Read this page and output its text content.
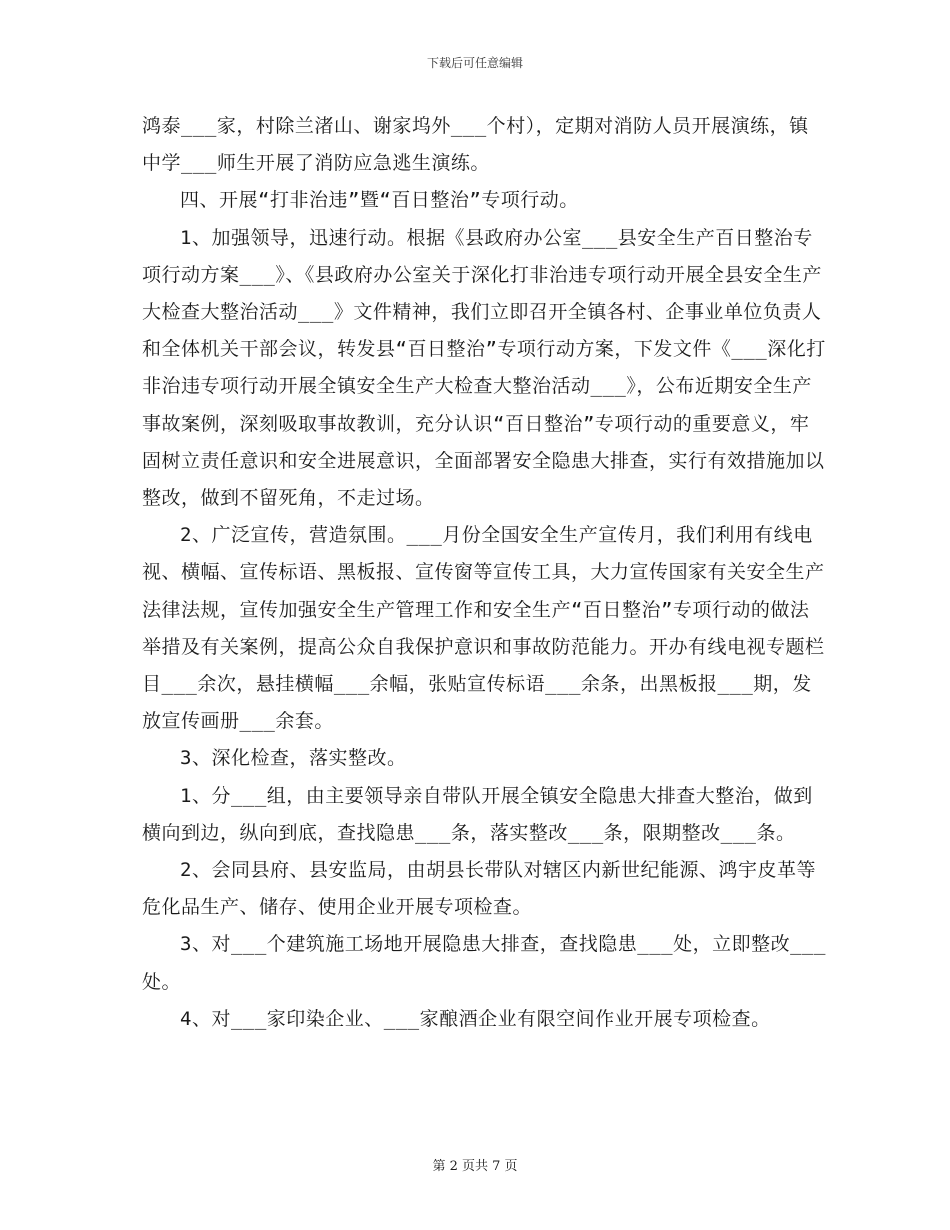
下载后可任意编辑

鸿泰___家，村除兰渚山、谢家坞外___个村），定期对消防人员开展演练，镇中学___师生开展了消防应急逃生演练。

四、开展“打非治违”暨“百日整治”专项行动。

1、加强领导，迅速行动。根据《县政府办公室___县安全生产百日整治专项行动方案___》、《县政府办公室关于深化打非治违专项行动开展全县安全生产大检查大整治活动___》文件精神，我们立即召开全镇各村、企事业单位负责人和全体机关干部会议，转发县“百日整治”专项行动方案，下发文件《___深化打非治违专项行动开展全镇安全生产大检查大整治活动___》，公布近期安全生产事故案例，深刻吸取事故教训，充分认识“百日整治”专项行动的重要意义，牢固树立责任意识和安全进展意识，全面部署安全隐患大排查，实行有效措施加以整改，做到不留死角，不走过场。

2、广泛宣传，营造氛围。___月份全国安全生产宣传月，我们利用有线电视、横幅、宣传标语、黑板报、宣传窗等宣传工具，大力宣传国家有关安全生产法律法规，宣传加强安全生产管理工作和安全生产“百日整治”专项行动的做法举措及有关案例，提高公众自我保护意识和事故防范能力。开办有线电视专题栏目___余次，悬挂横幅___余幅，张贴宣传标语___余条，出黑板报___期，发放宣传画册___余套。

3、深化检查，落实整改。

1、分___组，由主要领导亲自带队开展全镇安全隐患大排查大整治，做到横向到边，纵向到底，查找隐患___条，落实整改___条，限期整改___条。

2、会同县府、县安监局，由胡县长带队对辖区内新世纪能源、鸿宇皮革等危化品生产、储存、使用企业开展专项检查。

3、对___个建筑施工场地开展隐患大排查，查找隐患___处，立即整改___处。

4、对___家印染企业、___家酿酒企业有限空间作业开展专项检查。

第 2 页共 7 页
